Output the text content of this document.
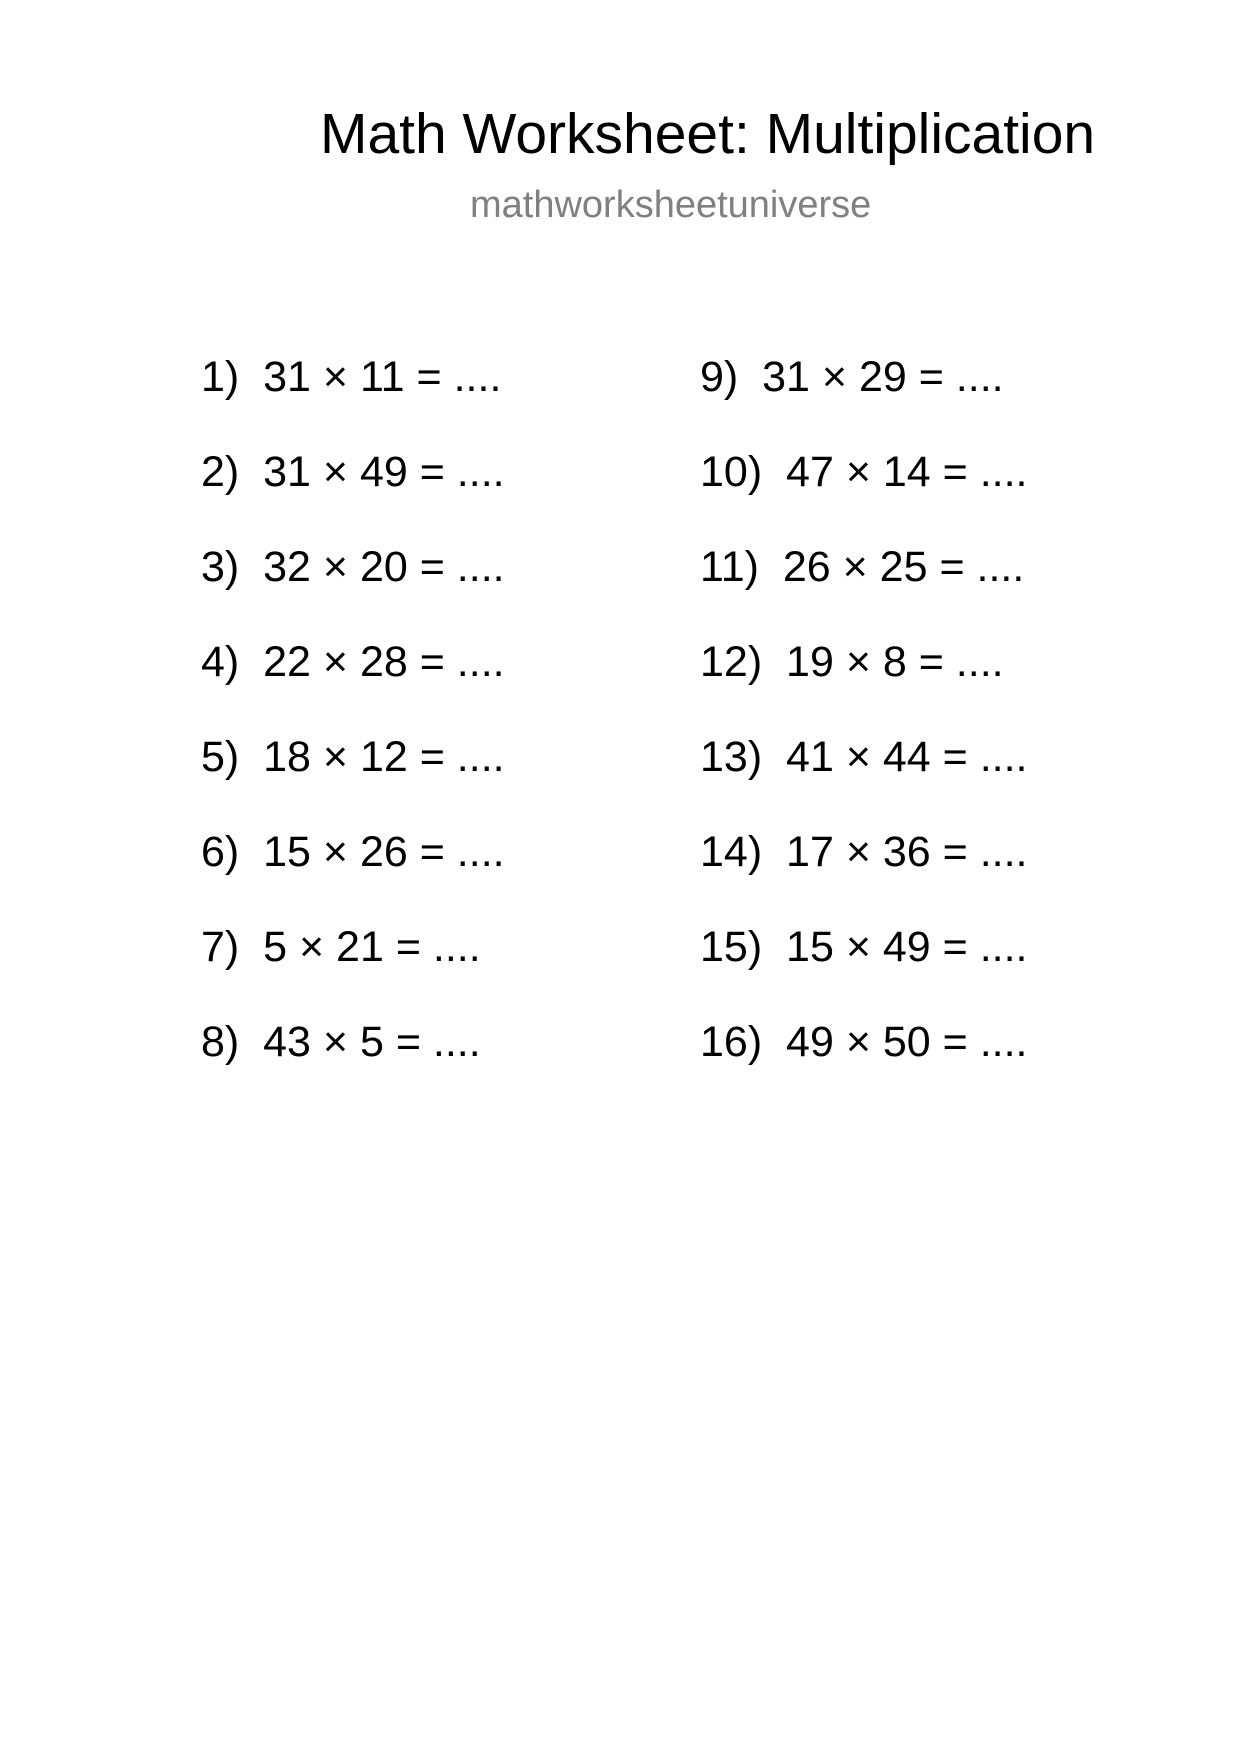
Math Worksheet: Multiplication
mathworksheetuniverse
1)  31 × 11 = ....
2)  31 × 49 = ....
3)  32 × 20 = ....
4)  22 × 28 = ....
5)  18 × 12 = ....
6)  15 × 26 = ....
7)  5 × 21 = ....
8)  43 × 5 = ....
9)  31 × 29 = ....
10)  47 × 14 = ....
11)  26 × 25 = ....
12)  19 × 8 = ....
13)  41 × 44 = ....
14)  17 × 36 = ....
15)  15 × 49 = ....
16)  49 × 50 = ....
